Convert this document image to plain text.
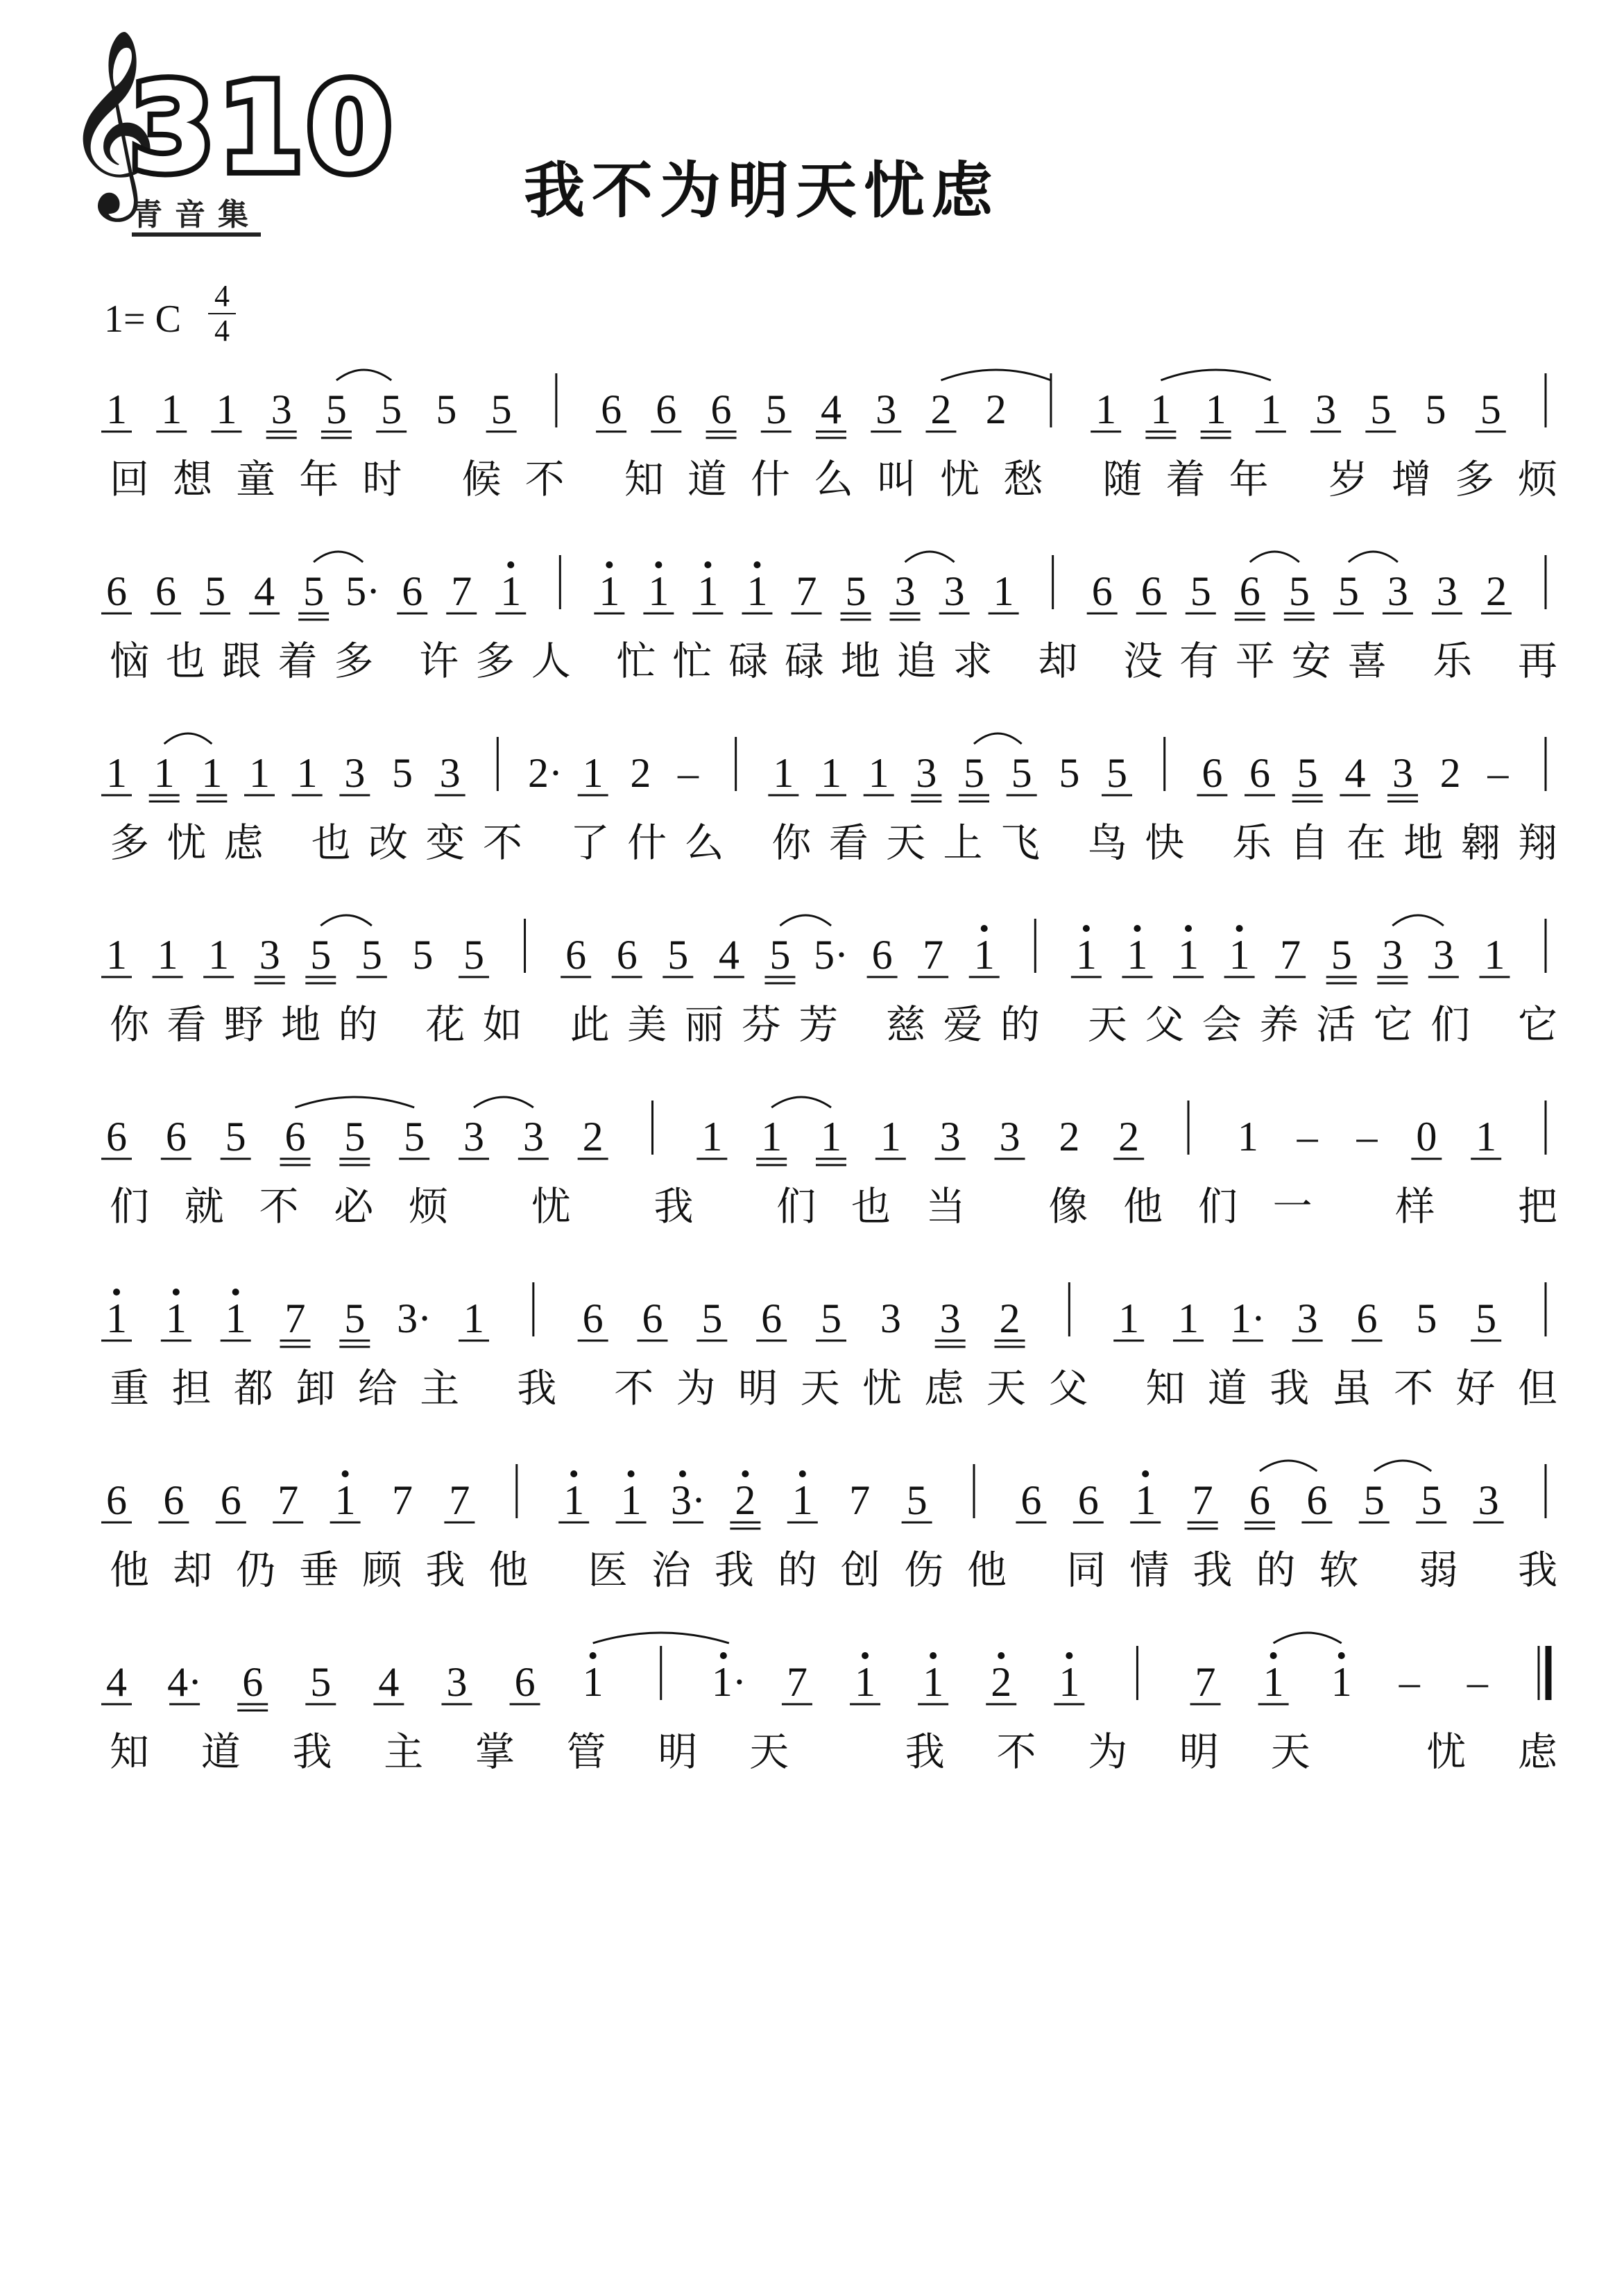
𝄞
310
青音集	我不为明天忧虑
1= C
4
4
1 1 1 3 5 5 5 5 6 6 6 5 4 3 2 2 1 1 1 1 3 5 5 5
回想童年时 候不 知道什么叫忧愁 随着年 岁增多烦
6 6 5 4 5 5· 6 7 1 1 1 1 1 7 5 3 3 1 6 6 5 6 5 5 3 3 2
恼也跟着多 许多人 忙忙碌碌地追求 却 没有平安喜 乐 再
1 1 1 1 1 3 5 3 2· 1 2 – 1 1 1 3 5 5 5 5 6 6 5 4 3 2 –
多忧虑 也改变不 了什么 你看天上飞 鸟快 乐自在地翱翔
1 1 1 3 5 5 5 5 6 6 5 4 5 5· 6 7 1 1 1 1 1 7 5 3 3 1
你看野地的 花如 此美丽芬芳 慈爱的 天父会养活它们 它
6 6 5 6 5 5 3 3 2 1 1 1 1 3 3 2 2 1 – – 0 1
们就不必烦 忧 我 们也当 像他们一 样 把
1 1 1 7 5 3· 1 6 6 5 6 5 3 3 2 1 1 1· 3 6 5 5
重担都卸给主 我 不为明天忧虑天父 知道我虽不好但
6 6 6 7 1 7 7 1 1 3· 2 1 7 5 6 6 1 7 6 6 5 5 3
他却仍垂顾我他 医治我的创伤他 同情我的软 弱 我
4 4· 6 5 4 3 6 1	1· 7 1 1 2 1	7 1 1 – –
知道我主掌管明天 我不为明天 忧虑
